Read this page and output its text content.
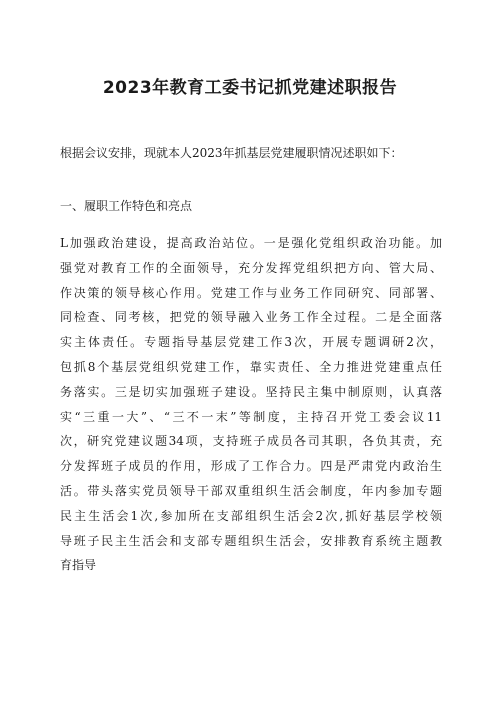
2023年教育工委书记抓党建述职报告
根据会议安排，现就本人2023年抓基层党建履职情况述职如下：
一、履职工作特色和亮点
L加强政治建设，提高政治站位。一是强化党组织政治功能。加
强党对教育工作的全面领导，充分发挥党组织把方向、管大局、
作决策的领导核心作用。党建工作与业务工作同研究、同部署、
同检查、同考核，把党的领导融入业务工作全过程。二是全面落
实主体责任。专题指导基层党建工作3次，开展专题调研2次，
包抓8个基层党组织党建工作，靠实责任、全力推进党建重点任
务落实。三是切实加强班子建设。坚持民主集中制原则，认真落
实“三重一大”、“三不一末”等制度，主持召开党工委会议11
次，研究党建议题34项，支持班子成员各司其职，各负其责，充
分发挥班子成员的作用，形成了工作合力。四是严肃党内政治生
活。带头落实党员领导干部双重组织生活会制度，年内参加专题
民主生活会1次,参加所在支部组织生活会2次,抓好基层学校领
导班子民主生活会和支部专题组织生活会，安排教育系统主题教
育指导
